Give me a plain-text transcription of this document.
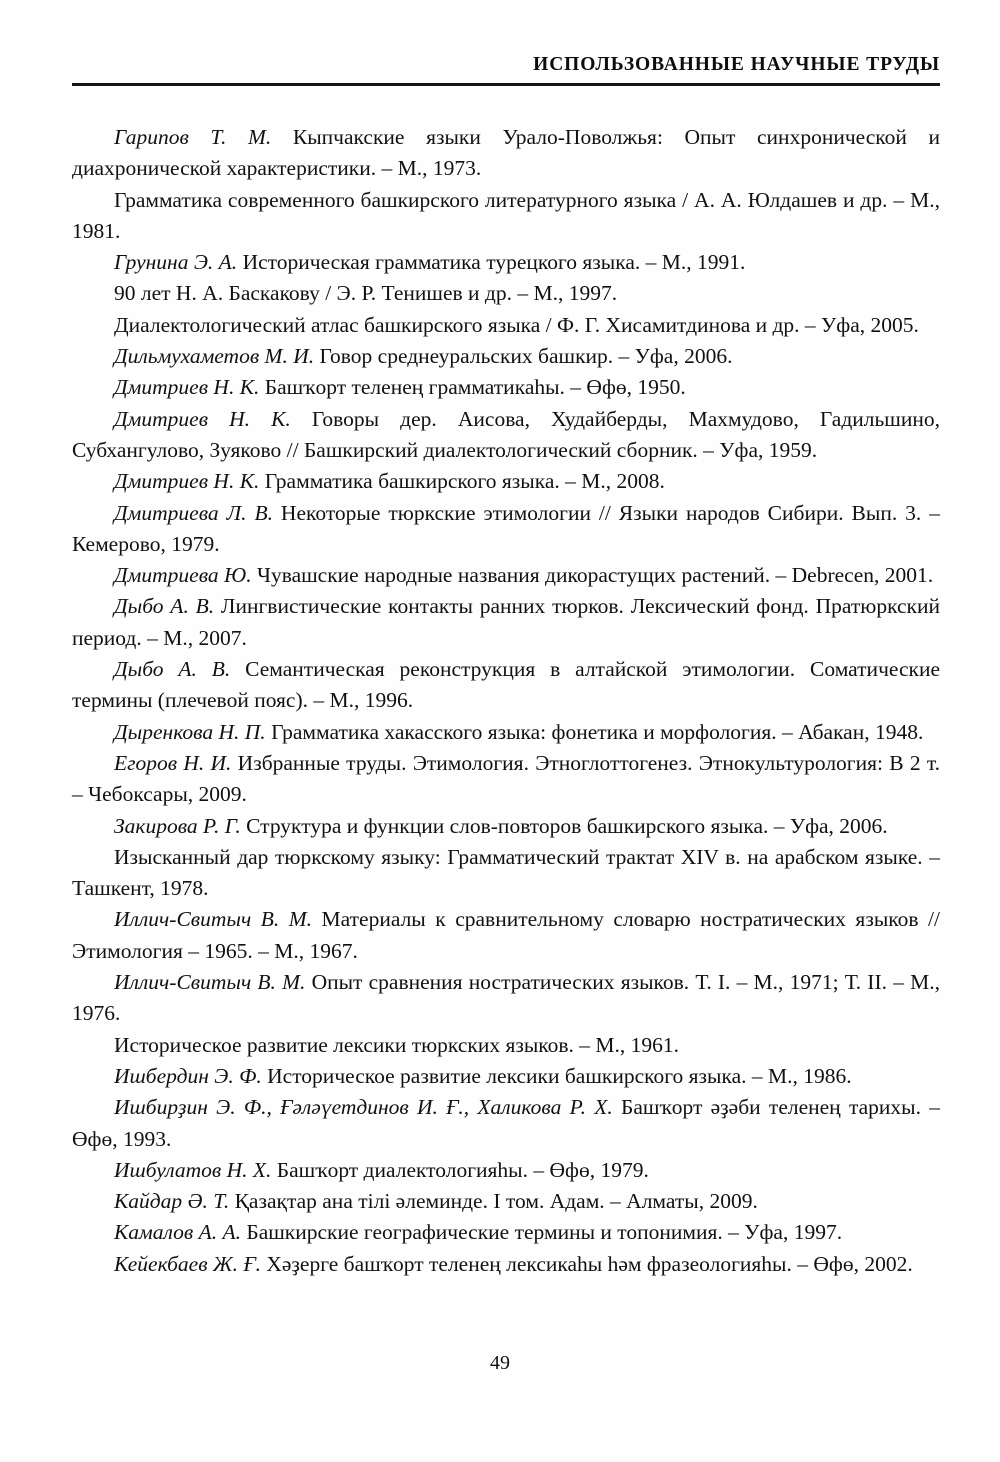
ИСПОЛЬЗОВАННЫЕ НАУЧНЫЕ ТРУДЫ

Гарипов Т. М. Кыпчакские языки Урало-Поволжья: Опыт синхронической и диахронической характеристики. – М., 1973.

Грамматика современного башкирского литературного языка / А. А. Юлдашев и др. – М., 1981.

Грунина Э. А. Историческая грамматика турецкого языка. – М., 1991.

90 лет Н. А. Баскакову / Э. Р. Тенишев и др. – М., 1997.

Диалектологический атлас башкирского языка / Ф. Г. Хисамитдинова и др. – Уфа, 2005.

Дильмухаметов М. И. Говор среднеуральских башкир. – Уфа, 2006.

Дмитриев Н. К. Башҡорт теленең грамматикаһы. – Өфө, 1950.

Дмитриев Н. К. Говоры дер. Аисова, Худайберды, Махмудово, Гадильшино, Субхангулово, Зуяково // Башкирский диалектологический сборник. – Уфа, 1959.

Дмитриев Н. К. Грамматика башкирского языка. – М., 2008.

Дмитриева Л. В. Некоторые тюркские этимологии // Языки народов Сибири. Вып. 3. – Кемерово, 1979.

Дмитриева Ю. Чувашские народные названия дикорастущих растений. – Debrecen, 2001.

Дыбо А. В. Лингвистические контакты ранних тюрков. Лексический фонд. Пратюркский период. – М., 2007.

Дыбо А. В. Семантическая реконструкция в алтайской этимологии. Соматические термины (плечевой пояс). – М., 1996.

Дыренкова Н. П. Грамматика хакасского языка: фонетика и морфология. – Абакан, 1948.

Егоров Н. И. Избранные труды. Этимология. Этноглоттогенез. Этнокультурология: В 2 т. – Чебоксары, 2009.

Закирова Р. Г. Структура и функции слов-повторов башкирского языка. – Уфа, 2006.

Изысканный дар тюркскому языку: Грамматический трактат XIV в. на арабском языке. – Ташкент, 1978.

Иллич-Свитыч В. М. Материалы к сравнительному словарю ностратических языков // Этимология – 1965. – М., 1967.

Иллич-Свитыч В. М. Опыт сравнения ностратических языков. Т. I. – М., 1971; Т. II. – М., 1976.

Историческое развитие лексики тюркских языков. – М., 1961.

Ишбердин Э. Ф. Историческое развитие лексики башкирского языка. – М., 1986.

Ишбирҙин Э. Ф., Ғәләүетдинов И. Ғ., Халикова Р. Х. Башҡорт әҙәби теленең тарихы. – Өфө, 1993.

Ишбулатов Н. Х. Башҡорт диалектологияһы. – Өфө, 1979.

Кайдар Ә. Т. Қазақтар ана тілі әлеминде. I том. Адам. – Алматы, 2009.

Камалов А. А. Башкирские географические термины и топонимия. – Уфа, 1997.

Кейекбаев Ж. Ғ. Хәҙерге башҡорт теленең лексикаһы һәм фразеологияһы. – Өфө, 2002.

49
